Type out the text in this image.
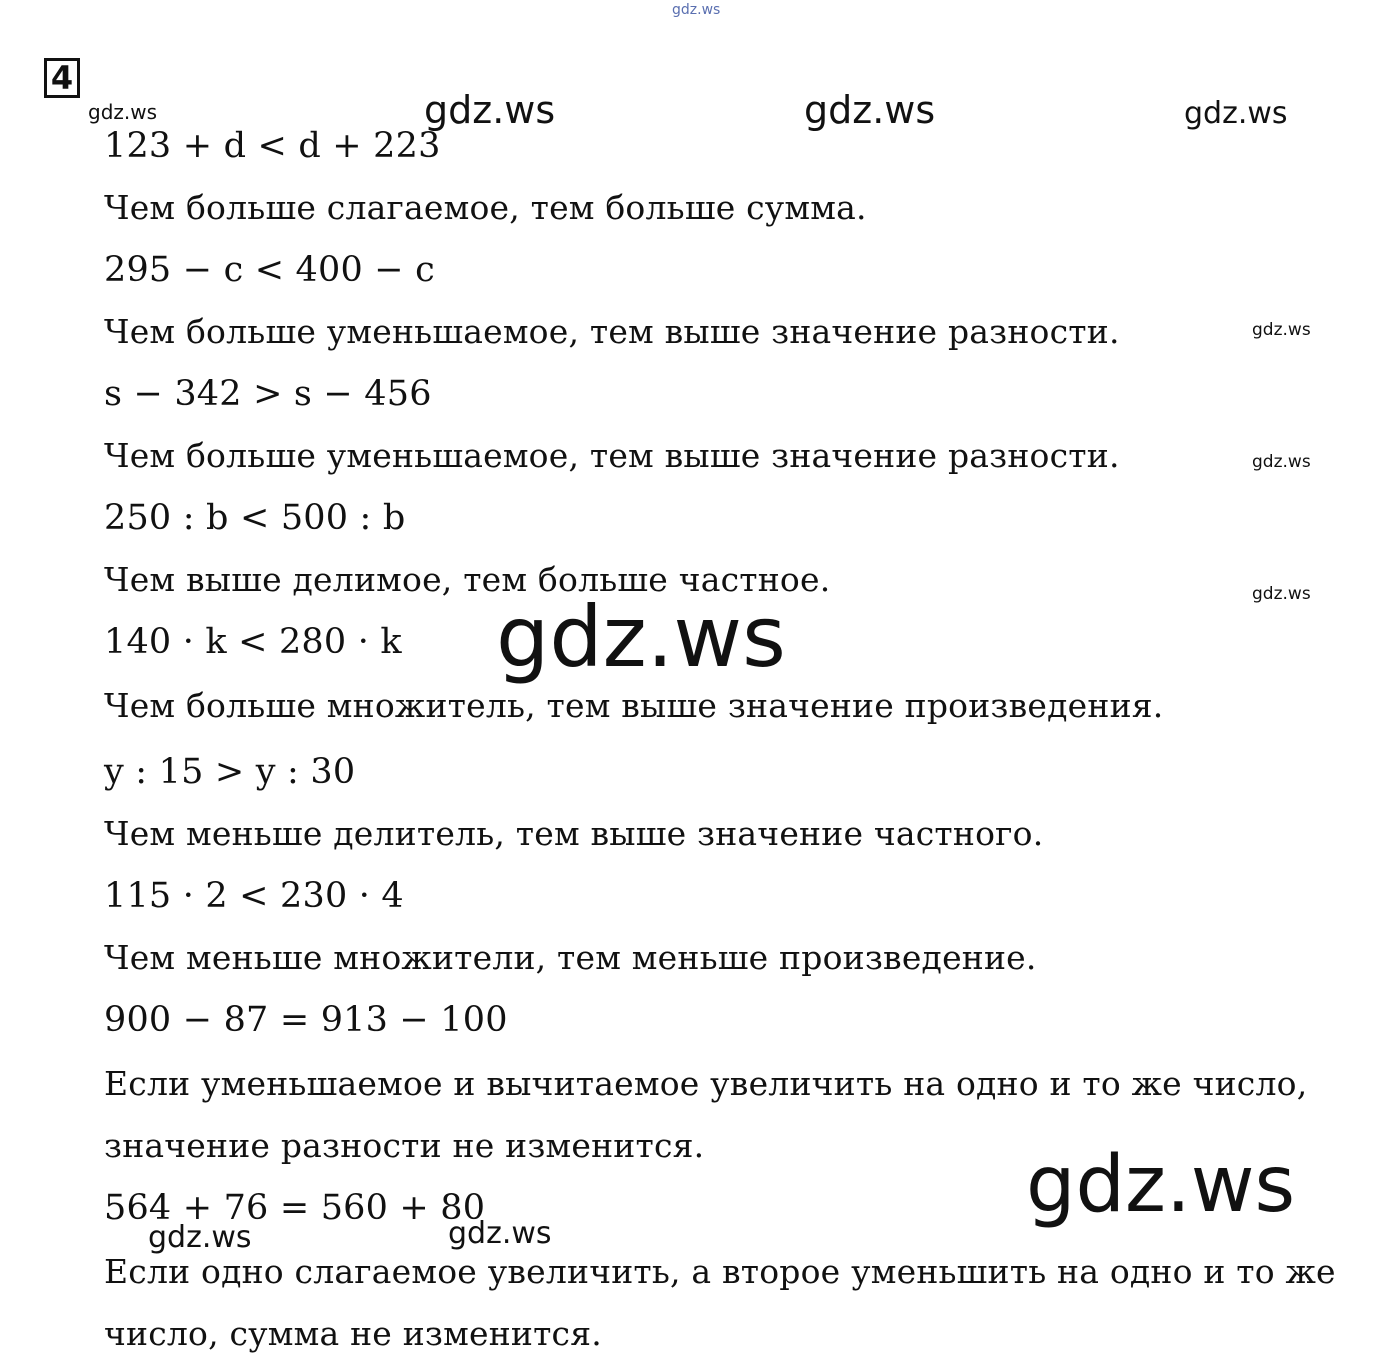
gdz.ws
4
gdz.ws	gdz.ws	gdz.ws	gdz.ws
gdz.ws
gdz.ws
gdz.ws
123 + d < d + 223
Чем больше слагаемое, тем больше сумма.
295 − c < 400 − c
Чем больше уменьшаемое, тем выше значение разности.
s − 342 > s − 456
Чем больше уменьшаемое, тем выше значение разности.
250 : b < 500 : b
Чем выше делимое, тем больше частное.
140 · k < 280 · k
Чем больше множитель, тем выше значение произведения.
y : 15 > y : 30
Чем меньше делитель, тем выше значение частного.
115 · 2 < 230 · 4
Чем меньше множители, тем меньше произведение.
900 − 87 = 913 − 100
Если уменьшаемое и вычитаемое увеличить на одно и то же число,
значение разности не изменится.
564 + 76 = 560 + 80
Если одно слагаемое увеличить, а второе уменьшить на одно и то же
число, сумма не изменится.
gdz.ws
gdz.ws
gdz.ws	gdz.ws
